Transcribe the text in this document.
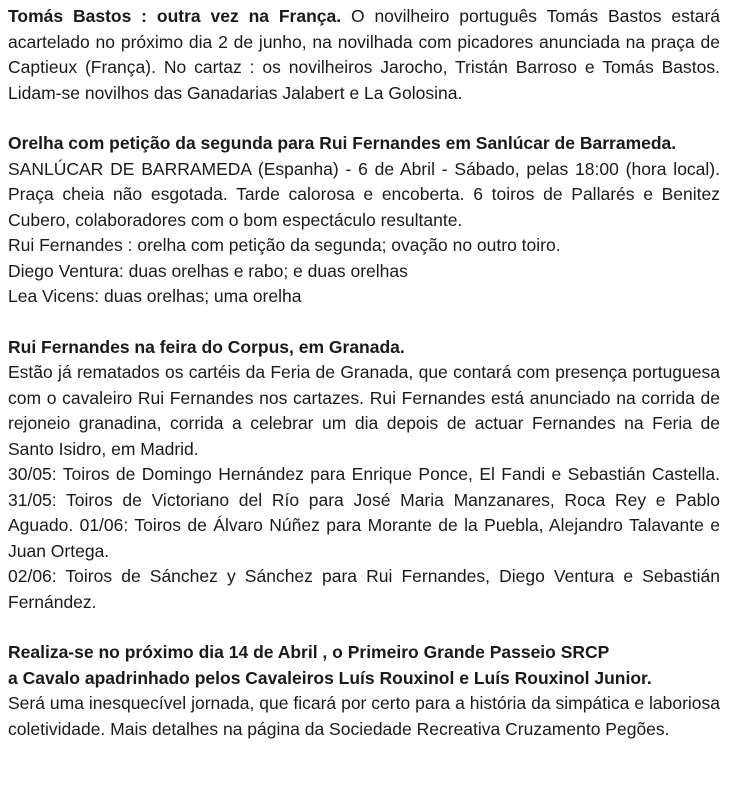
Tomás Bastos : outra vez na França. O novilheiro português Tomás Bastos estará acartelado no próximo dia 2 de junho, na novilhada com picadores anunciada na praça de Captieux (França). No cartaz : os novilheiros Jarocho, Tristán Barroso e Tomás Bastos. Lidam-se novilhos das Ganadarias Jalabert e La Golosina.

Orelha com petição da segunda para Rui Fernandes em Sanlúcar de Barrameda.

SANLÚCAR DE BARRAMEDA (Espanha) - 6 de Abril - Sábado, pelas 18:00 (hora local). Praça cheia não esgotada. Tarde calorosa e encoberta. 6 toiros de Pallarés e Benitez Cubero, colaboradores com o bom espectáculo resultante.

Rui Fernandes : orelha com petição da segunda; ovação no outro toiro.

Diego Ventura: duas orelhas e rabo; e duas orelhas

Lea Vicens: duas orelhas; uma orelha

Rui Fernandes na feira do Corpus, em Granada.

Estão já rematados os cartéis da Feria de Granada, que contará com presença portuguesa com o cavaleiro Rui Fernandes nos cartazes. Rui Fernandes está anunciado na corrida de rejoneio granadina, corrida a celebrar um dia depois de actuar Fernandes na Feria de Santo Isidro, em Madrid.

30/05: Toiros de Domingo Hernández para Enrique Ponce, El Fandi e Sebastián Castella. 31/05: Toiros de Victoriano del Río para José Maria Manzanares, Roca Rey e Pablo Aguado. 01/06: Toiros de Álvaro Núñez para Morante de la Puebla, Alejandro Talavante e Juan Ortega.

02/06: Toiros de Sánchez y Sánchez para Rui Fernandes, Diego Ventura e Sebastián Fernández.

Realiza-se no próximo dia 14 de Abril , o Primeiro Grande Passeio SRCP
a Cavalo apadrinhado pelos Cavaleiros Luís Rouxinol e Luís Rouxinol Junior.

Será uma inesquecível jornada, que ficará por certo para a história da simpática e laboriosa coletividade. Mais detalhes na página da Sociedade Recreativa Cruzamento Pegões.
